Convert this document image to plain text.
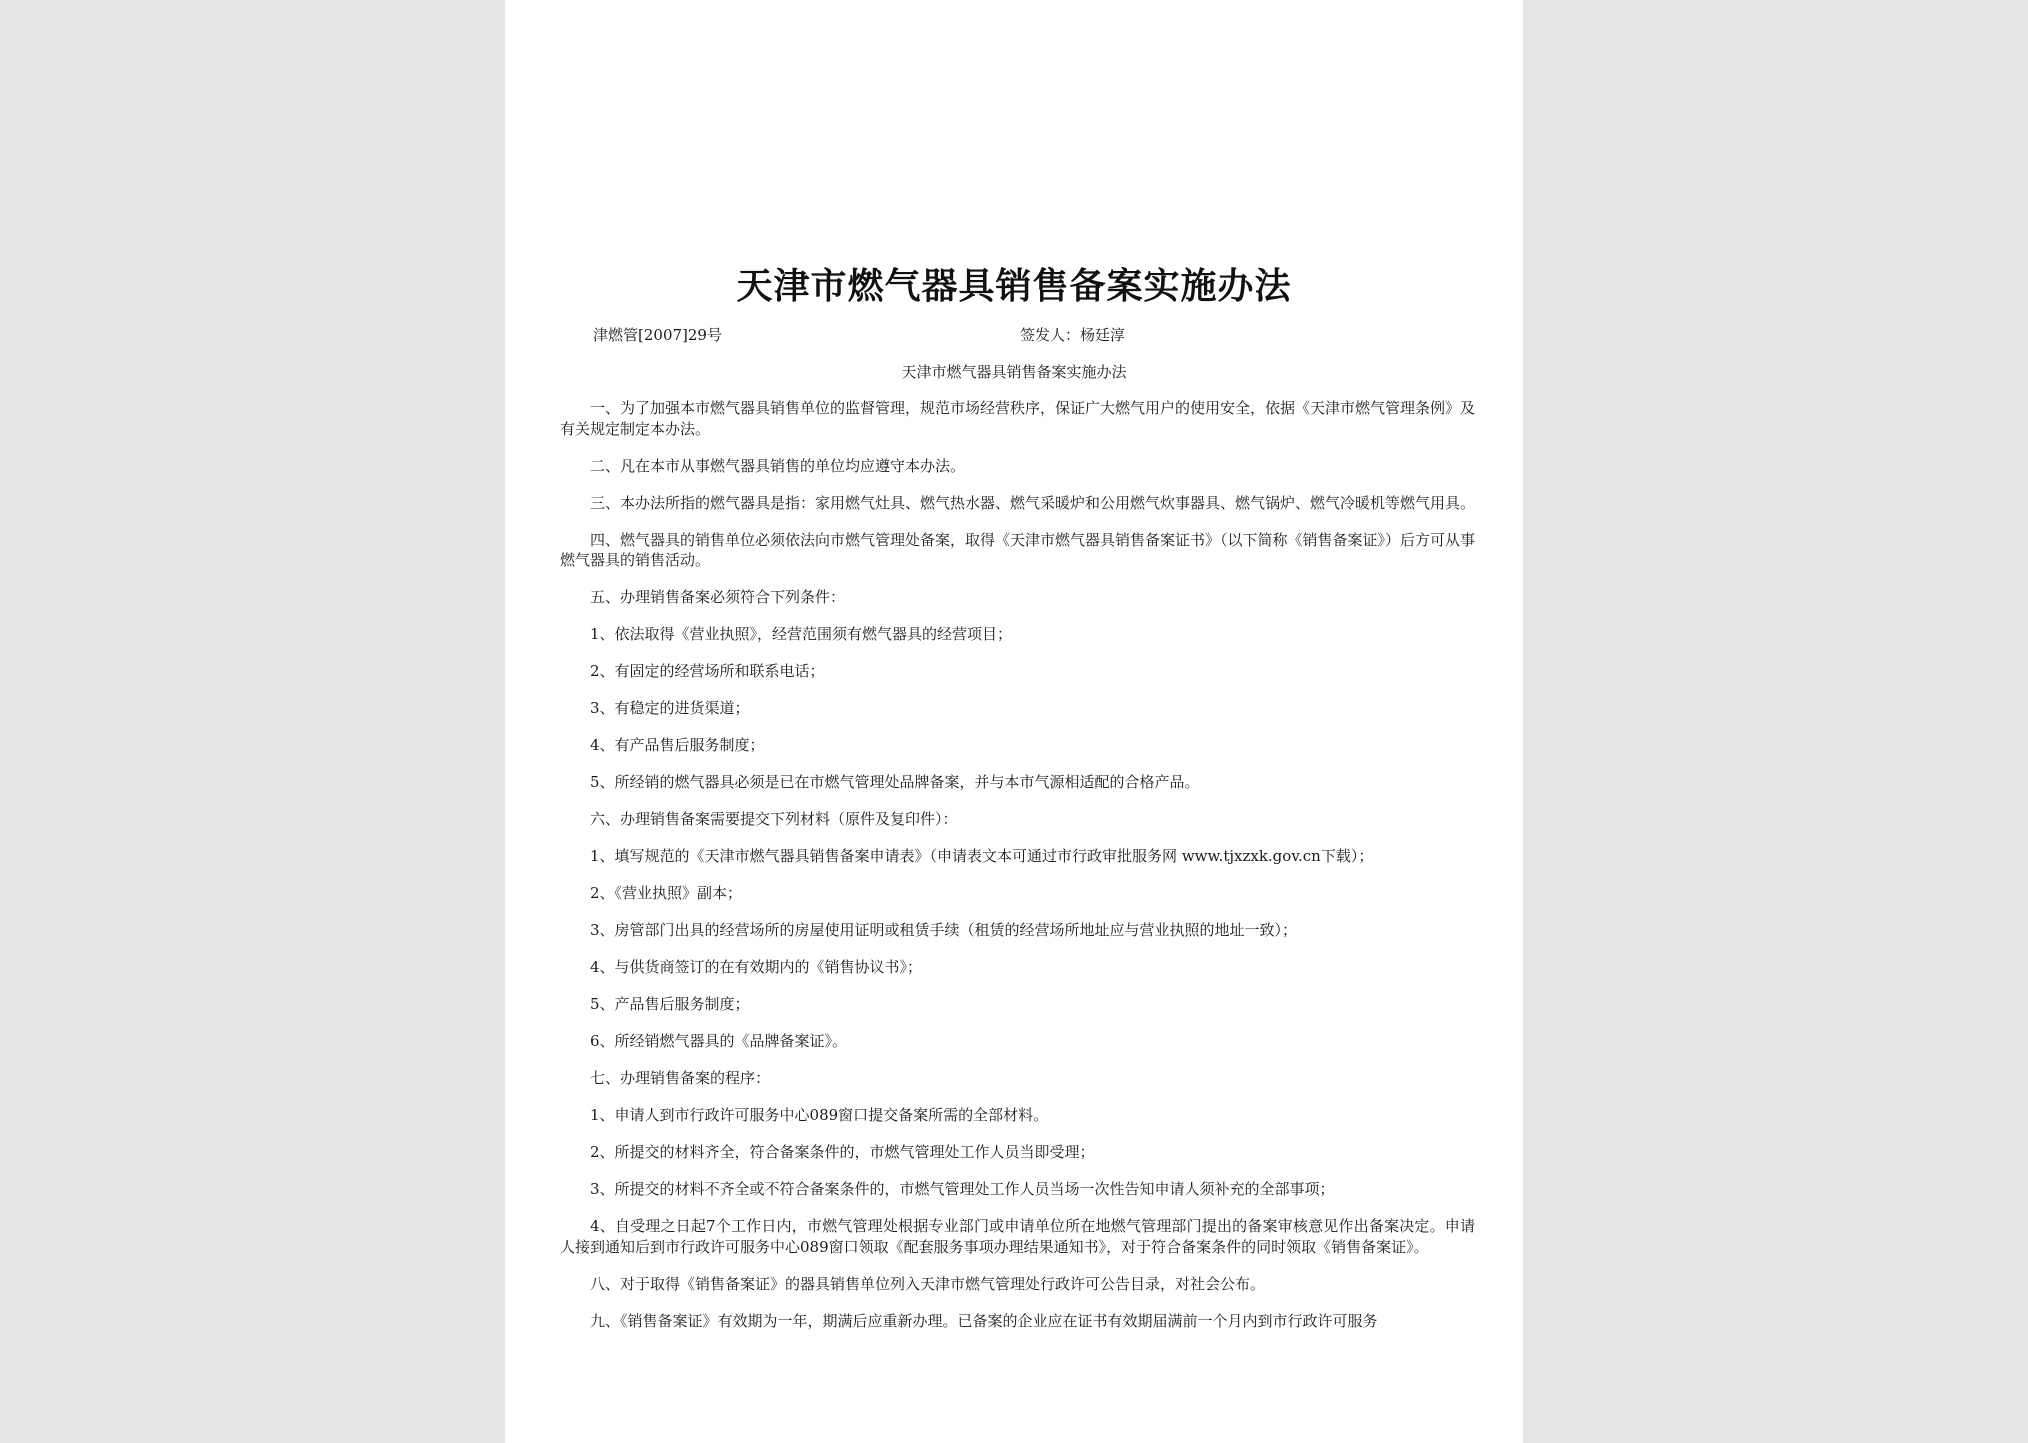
天津市燃气器具销售备案实施办法
津燃管[2007]29号	签发人：杨廷淳
天津市燃气器具销售备案实施办法

一、为了加强本市燃气器具销售单位的监督管理，规范市场经营秩序，保证广大燃气用户的使用安全，依据《天津市燃气管理条例》及有关规定制定本办法。

二、凡在本市从事燃气器具销售的单位均应遵守本办法。

三、本办法所指的燃气器具是指：家用燃气灶具、燃气热水器、燃气采暖炉和公用燃气炊事器具、燃气锅炉、燃气冷暖机等燃气用具。

四、燃气器具的销售单位必须依法向市燃气管理处备案，取得《天津市燃气器具销售备案证书》（以下简称《销售备案证》）后方可从事燃气器具的销售活动。

五、办理销售备案必须符合下列条件：

1、依法取得《营业执照》，经营范围须有燃气器具的经营项目；

2、有固定的经营场所和联系电话；

3、有稳定的进货渠道；

4、有产品售后服务制度；

5、所经销的燃气器具必须是已在市燃气管理处品牌备案，并与本市气源相适配的合格产品。

六、办理销售备案需要提交下列材料（原件及复印件）：

1、填写规范的《天津市燃气器具销售备案申请表》（申请表文本可通过市行政审批服务网 www.tjxzxk.gov.cn下载）；

2、《营业执照》副本；

3、房管部门出具的经营场所的房屋使用证明或租赁手续（租赁的经营场所地址应与营业执照的地址一致）；

4、与供货商签订的在有效期内的《销售协议书》；

5、产品售后服务制度；

6、所经销燃气器具的《品牌备案证》。

七、办理销售备案的程序：

1、申请人到市行政许可服务中心089窗口提交备案所需的全部材料。

2、所提交的材料齐全，符合备案条件的，市燃气管理处工作人员当即受理；

3、所提交的材料不齐全或不符合备案条件的，市燃气管理处工作人员当场一次性告知申请人须补充的全部事项；

4、自受理之日起7个工作日内，市燃气管理处根据专业部门或申请单位所在地燃气管理部门提出的备案审核意见作出备案决定。申请人接到通知后到市行政许可服务中心089窗口领取《配套服务事项办理结果通知书》，对于符合备案条件的同时领取《销售备案证》。

八、对于取得《销售备案证》的器具销售单位列入天津市燃气管理处行政许可公告目录，对社会公布。

九、《销售备案证》有效期为一年，期满后应重新办理。已备案的企业应在证书有效期届满前一个月内到市行政许可服务
